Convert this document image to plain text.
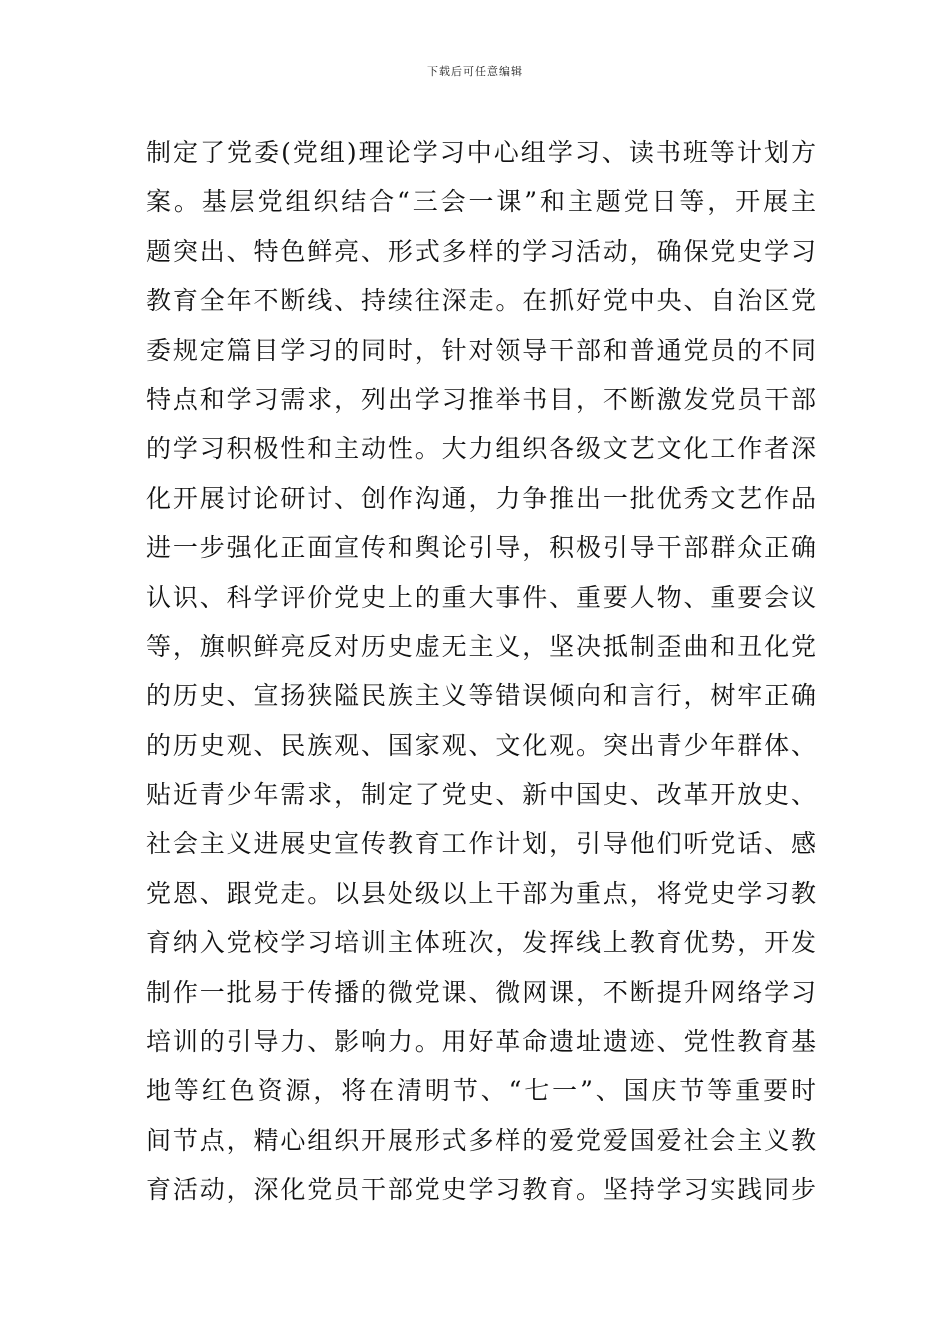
下载后可任意编辑
制定了党委(党组)理论学习中心组学习、读书班等计划方
案。基层党组织结合“三会一课”和主题党日等，开展主
题突出、特色鲜亮、形式多样的学习活动，确保党史学习
教育全年不断线、持续往深走。在抓好党中央、自治区党
委规定篇目学习的同时，针对领导干部和普通党员的不同
特点和学习需求，列出学习推举书目，不断激发党员干部
的学习积极性和主动性。大力组织各级文艺文化工作者深
化开展讨论研讨、创作沟通，力争推出一批优秀文艺作品
进一步强化正面宣传和舆论引导，积极引导干部群众正确
认识、科学评价党史上的重大事件、重要人物、重要会议
等，旗帜鲜亮反对历史虚无主义，坚决抵制歪曲和丑化党
的历史、宣扬狭隘民族主义等错误倾向和言行，树牢正确
的历史观、民族观、国家观、文化观。突出青少年群体、
贴近青少年需求，制定了党史、新中国史、改革开放史、
社会主义进展史宣传教育工作计划，引导他们听党话、感
党恩、跟党走。以县处级以上干部为重点，将党史学习教
育纳入党校学习培训主体班次，发挥线上教育优势，开发
制作一批易于传播的微党课、微网课，不断提升网络学习
培训的引导力、影响力。用好革命遗址遗迹、党性教育基
地等红色资源，将在清明节、“七一”、国庆节等重要时
间节点，精心组织开展形式多样的爱党爱国爱社会主义教
育活动，深化党员干部党史学习教育。坚持学习实践同步
